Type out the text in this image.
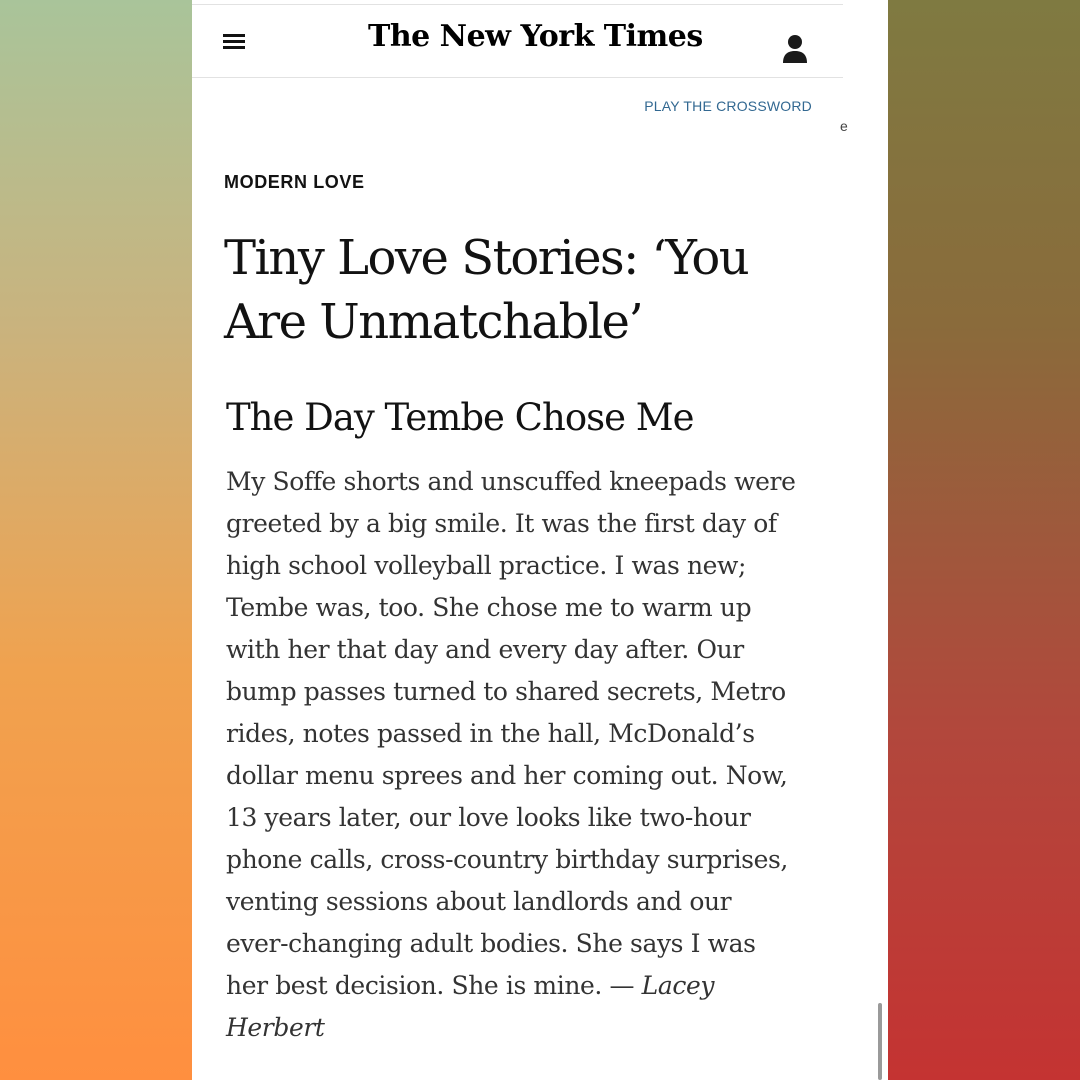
The New York Times
PLAY THE CROSSWORD
e
MODERN LOVE
Tiny Love Stories: ‘You
Are Unmatchable’
The Day Tembe Chose Me

My Soffe shorts and unscuffed kneepads were
greeted by a big smile. It was the first day of
high school volleyball practice. I was new;
Tembe was, too. She chose me to warm up
with her that day and every day after. Our
bump passes turned to shared secrets, Metro
rides, notes passed in the hall, McDonald’s
dollar menu sprees and her coming out. Now,
13 years later, our love looks like two-hour
phone calls, cross-country birthday surprises,
venting sessions about landlords and our
ever-changing adult bodies. She says I was
her best decision. She is mine. — Lacey
Herbert
